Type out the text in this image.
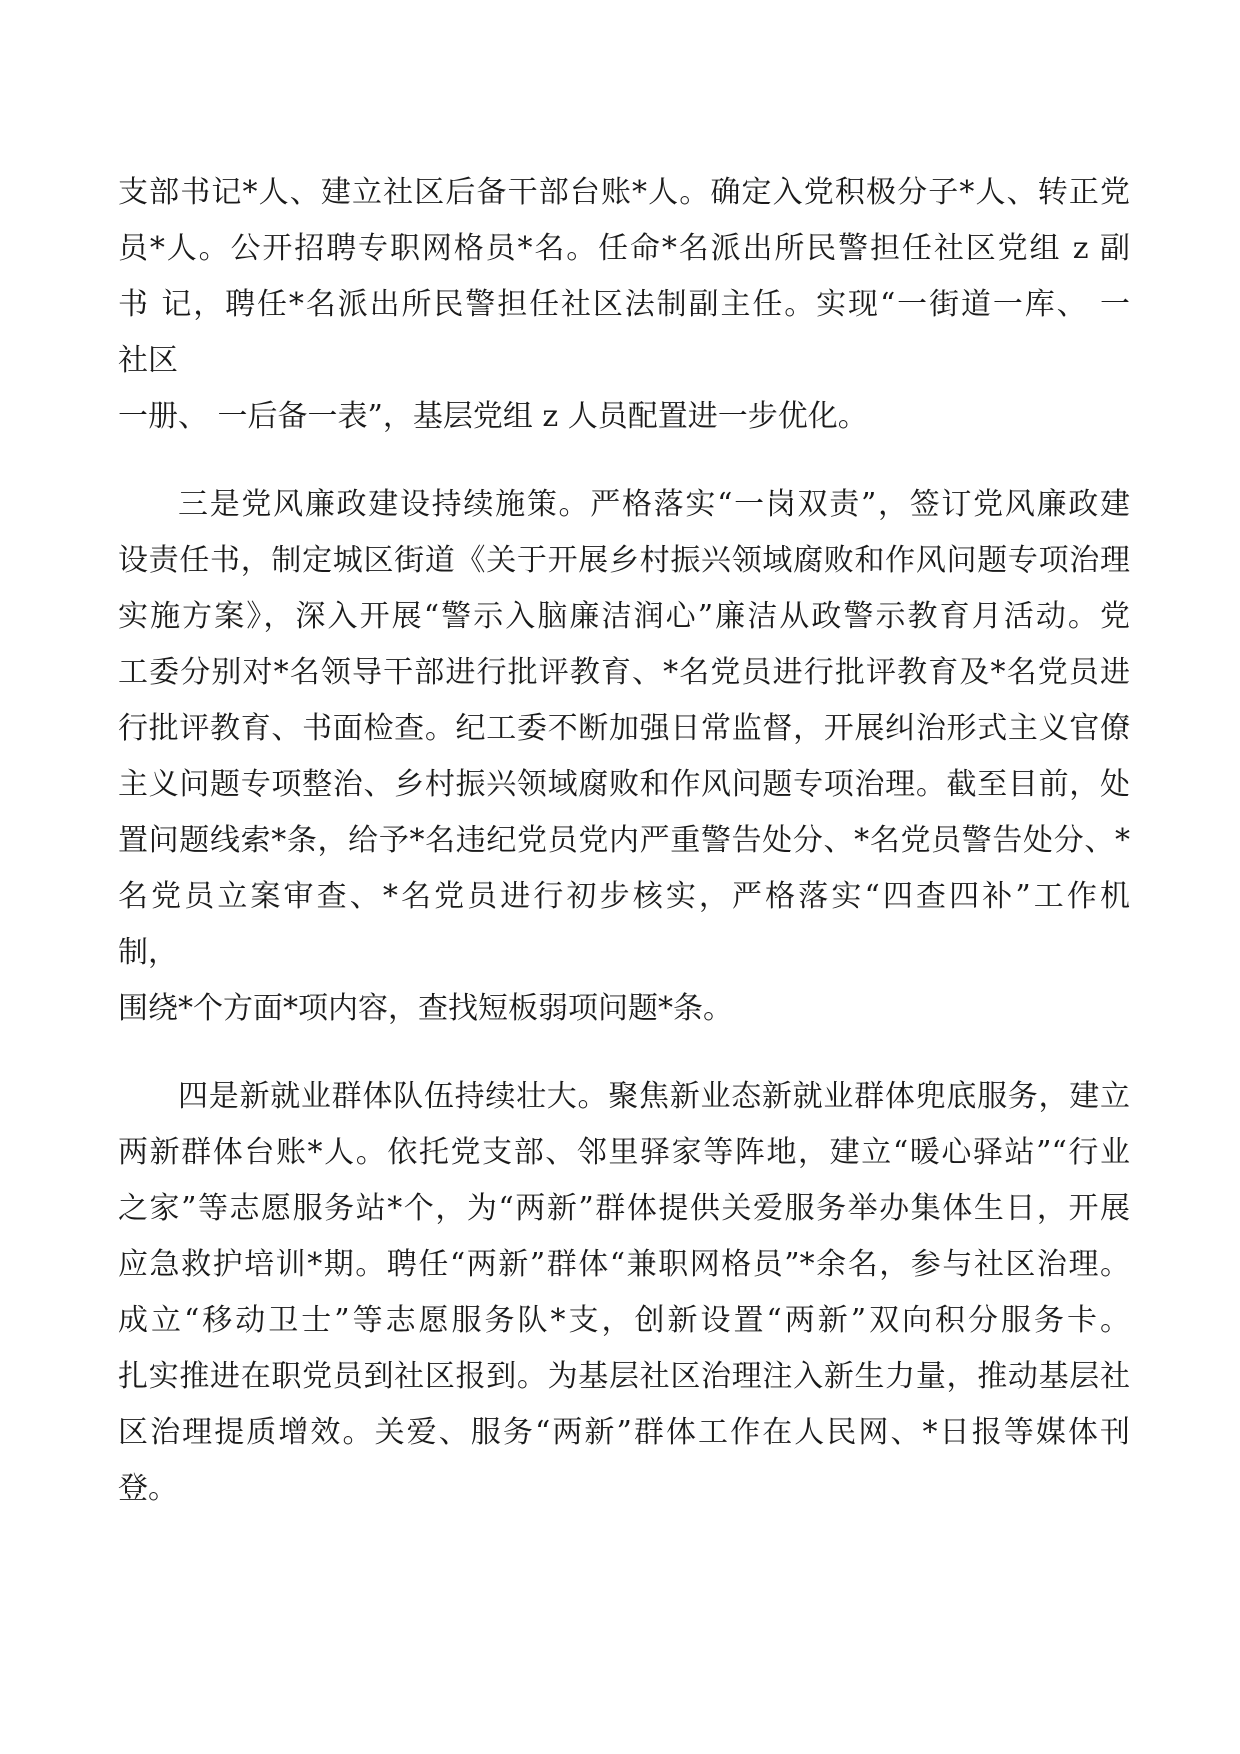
支部书记*人、建立社区后备干部台账*人。确定入党积极分子*人、转正党
员*人。公开招聘专职网格员*名。任命*名派出所民警担任社区党组 z 副
书 记，聘任*名派出所民警担任社区法制副主任。实现“一街道一库、 一
社区
一册、 一后备一表”，基层党组 z 人员配置进一步优化。
三是党风廉政建设持续施策。严格落实“一岗双责”，签订党风廉政建
设责任书，制定城区街道《关于开展乡村振兴领域腐败和作风问题专项治理
实施方案》，深入开展“警示入脑廉洁润心”廉洁从政警示教育月活动。党
工委分别对*名领导干部进行批评教育、*名党员进行批评教育及*名党员进
行批评教育、书面检查。纪工委不断加强日常监督，开展纠治形式主义官僚
主义问题专项整治、乡村振兴领域腐败和作风问题专项治理。截至目前，处
置问题线索*条，给予*名违纪党员党内严重警告处分、*名党员警告处分、*
名党员立案审查、*名党员进行初步核实，严格落实“四查四补”工作机
制，
围绕*个方面*项内容，查找短板弱项问题*条。
四是新就业群体队伍持续壮大。聚焦新业态新就业群体兜底服务，建立
两新群体台账*人。依托党支部、邻里驿家等阵地，建立“暖心驿站”“行业
之家”等志愿服务站*个，为“两新”群体提供关爱服务举办集体生日，开展
应急救护培训*期。聘任“两新”群体“兼职网格员”*余名，参与社区治理。
成立“移动卫士”等志愿服务队*支，创新设置“两新”双向积分服务卡。
扎实推进在职党员到社区报到。为基层社区治理注入新生力量，推动基层社
区治理提质增效。关爱、服务“两新”群体工作在人民网、*日报等媒体刊
登。
